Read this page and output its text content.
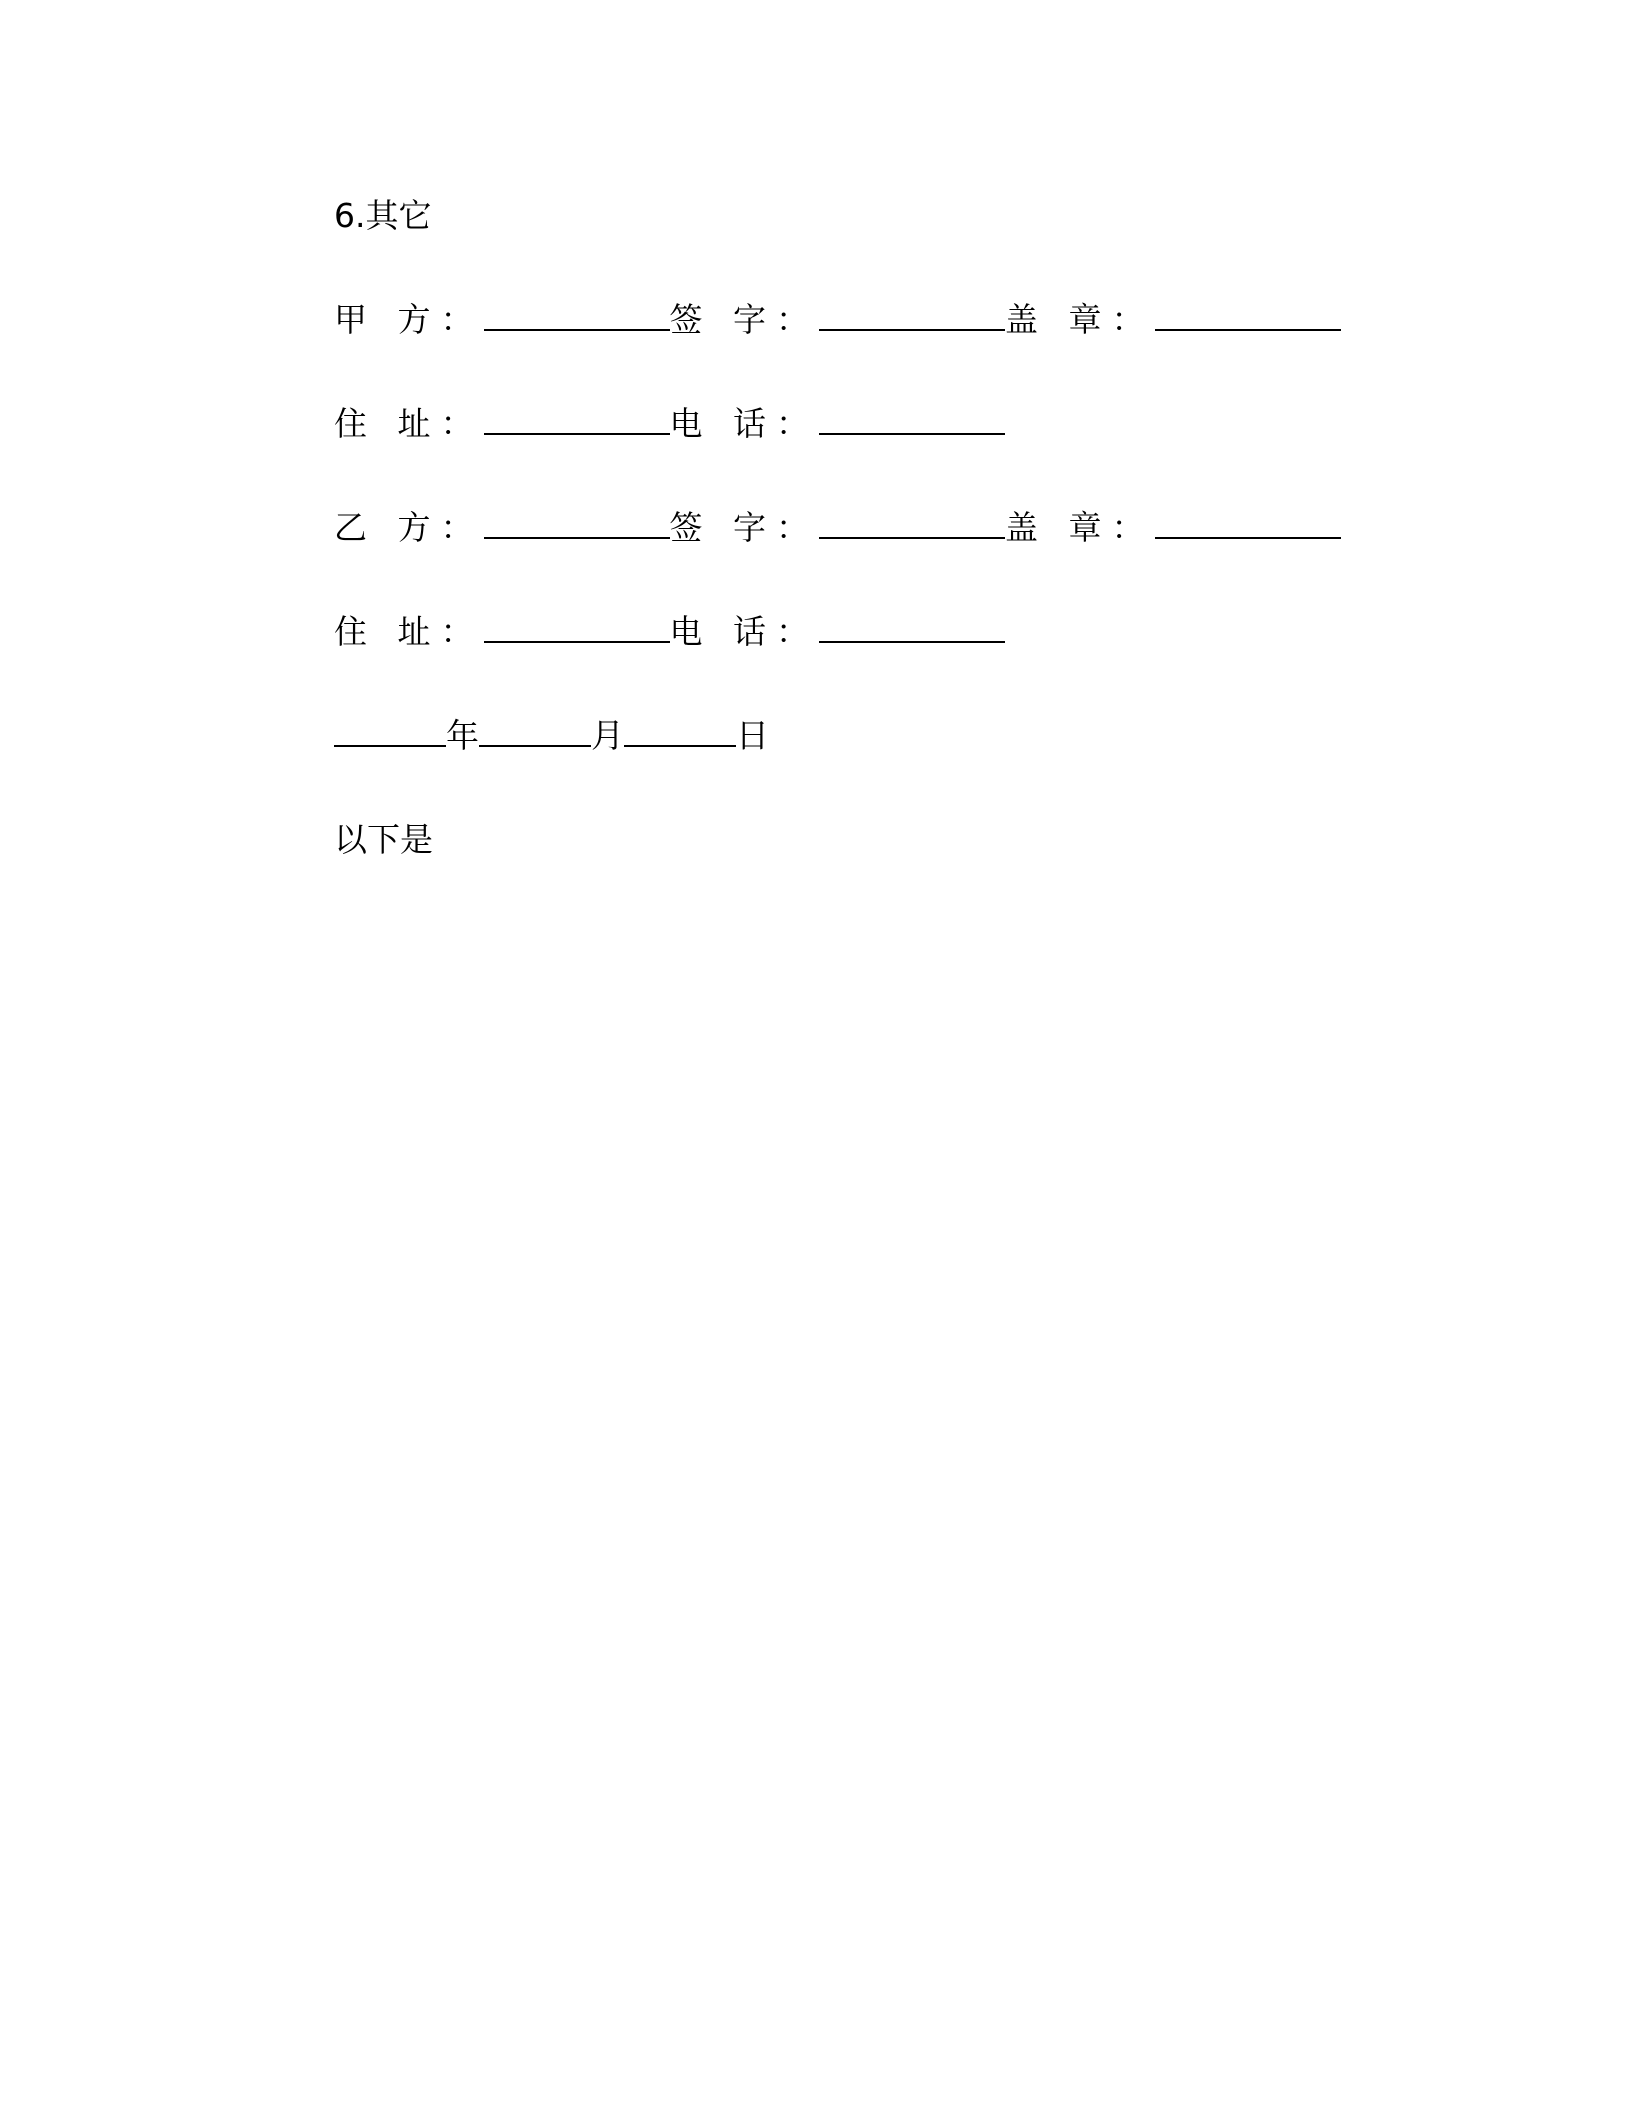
6.其它
甲 方：	签 字：	盖 章：
住 址：	电 话：
乙 方：	签 字：	盖 章：
住 址：	电 话：
年	月	日
以下是
